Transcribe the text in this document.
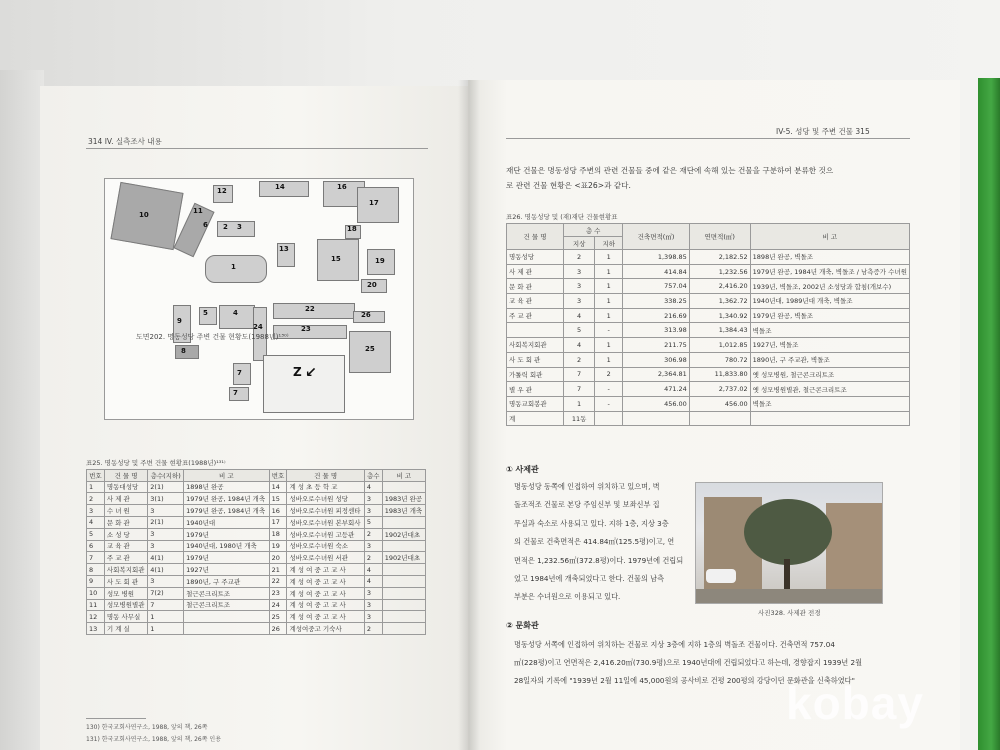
314 IV. 실측조사 내용
10	11
6
12	14	16
17
2 3	18
13
1
15	19
20
9
5	4
24
22
26
8
23
25
7
7
Z ↙
도면202. 명동성당 주변 건물 현황도(1988년)¹³⁰⁾
표25. 명동성당 및 주변 건물 현황표(1988년)¹³¹⁾
번호	건 물 명	층수(지하)	비 고	번호	건 물 명	층수	비 고
1	명동대성당	2(1)	1898년 완공	14	계 성 초 등 학 교	4	
2	사 제 관	3(1)	1979년 완공, 1984년 개축	15	성바오로수녀원 성당	3	1983년 완공
3	수 녀 원	3	1979년 완공, 1984년 개축	16	성바오로수녀원 피정센타	3	1983년 개축
4	문 화 관	2(1)	1940년대	17	성바오로수녀원 본부회사	5	
5	소 성 당	3	1979년	18	성바오로수녀원 고등관	2	1902년대초
6	교 육 관	3	1940년대, 1980년 개축	19	성바오로수녀원 숙소	3	
7	주 교 관	4(1)	1979년	20	성바오로수녀원 서관	2	1902년대초
8	사회복지회관	4(1)	1927년	21	계 성 여 중 고 교 사	4	
9	사 도 회 관	3	1890년, 구 주교관	22	계 성 여 중 고 교 사	4	
10	성모 병원	7(2)	철근콘크리트조	23	계 성 여 중 고 교 사	3	
11	성모병원별관	7	철근콘크리트조	24	계 성 여 중 고 교 사	3	
12	명동 사무실	1		25	계 성 여 중 고 교 사	3	
13	기 계 실	1		26	계성여중고 기숙사	2	
130) 한국교회사연구소, 1988, 앞의 책, 26쪽
131) 한국교회사연구소, 1988, 앞의 책, 26쪽 인용
IV-5. 성당 및 주변 건물 315
재단 건물은 명동성당 주변의 관련 건물들 중에 같은 재단에 속해 있는 건물을 구분하여 분류한 것으
로 관련 건물 현황은 <표26>과 같다.
표26. 명동성당 및 (재)재단 건물현황표
건 물 명	층 수		건축면적(㎡)	연면적(㎡)	비 고
	지상	지하			
명동성당	2	1	1,398.85	2,182.52	1898년 완공, 벽돌조
사 제 관	3	1	414.84	1,232.56	1979년 완공, 1984년 개축, 벽돌조 / 남측증가 수녀원
문 화 관	3	1	757.04	2,416.20	1939년, 벽돌조, 2002년 소성당과 합침(개보수)
교 육 관	3	1	338.25	1,362.72	1940년대, 1989년대 개축, 벽돌조
주 교 관	4	1	216.69	1,340.92	1979년 완공, 벽돌조
	5	-	313.98	1,384.43	벽돌조
사회복지회관	4	1	211.75	1,012.85	1927년, 벽돌조
사 도 회 관	2	1	306.98	780.72	1890년, 구 주교관, 벽돌조
가톨릭 회관	7	2	2,364.81	11,833.80	옛 성모병원, 철근콘크리트조
별 우 관	7	-	471.24	2,737.02	옛 성모병원별관, 철근콘크리트조
명동교회봉관	1	-	456.00	456.00	벽돌조
계	11동				
① 사제관
명동성당 동쪽에 인접하여 위치하고 있으며, 벽
돌조적조 건물로 본당 주임신부 및 보좌신부 집
무실과 숙소로 사용되고 있다. 지하 1층, 지상 3층
의 건물로 건축면적은 414.84㎡(125.5평)이고, 연
면적은 1,232.56㎡(372.8평)이다. 1979년에 건립되
었고 1984년에 개축되었다고 한다. 건물의 남측
부분은 수녀원으로 이용되고 있다.
사진328. 사제관 전경
② 문화관
명동성당 서쪽에 인접하여 위치하는 건물로 지상 3층에 지하 1층의 벽돌조 건물이다. 건축면적 757.04
㎡(228평)이고 연면적은 2,416.20㎡(730.9평)으로 1940년대에 건립되었다고 하는데, 경향잡지 1939년 2월
28일자의 기록에 "1939년 2월 11일에 45,000원의 공사비로 건평 200평의 강당이던 문화관을 신축하였다"
kobay
